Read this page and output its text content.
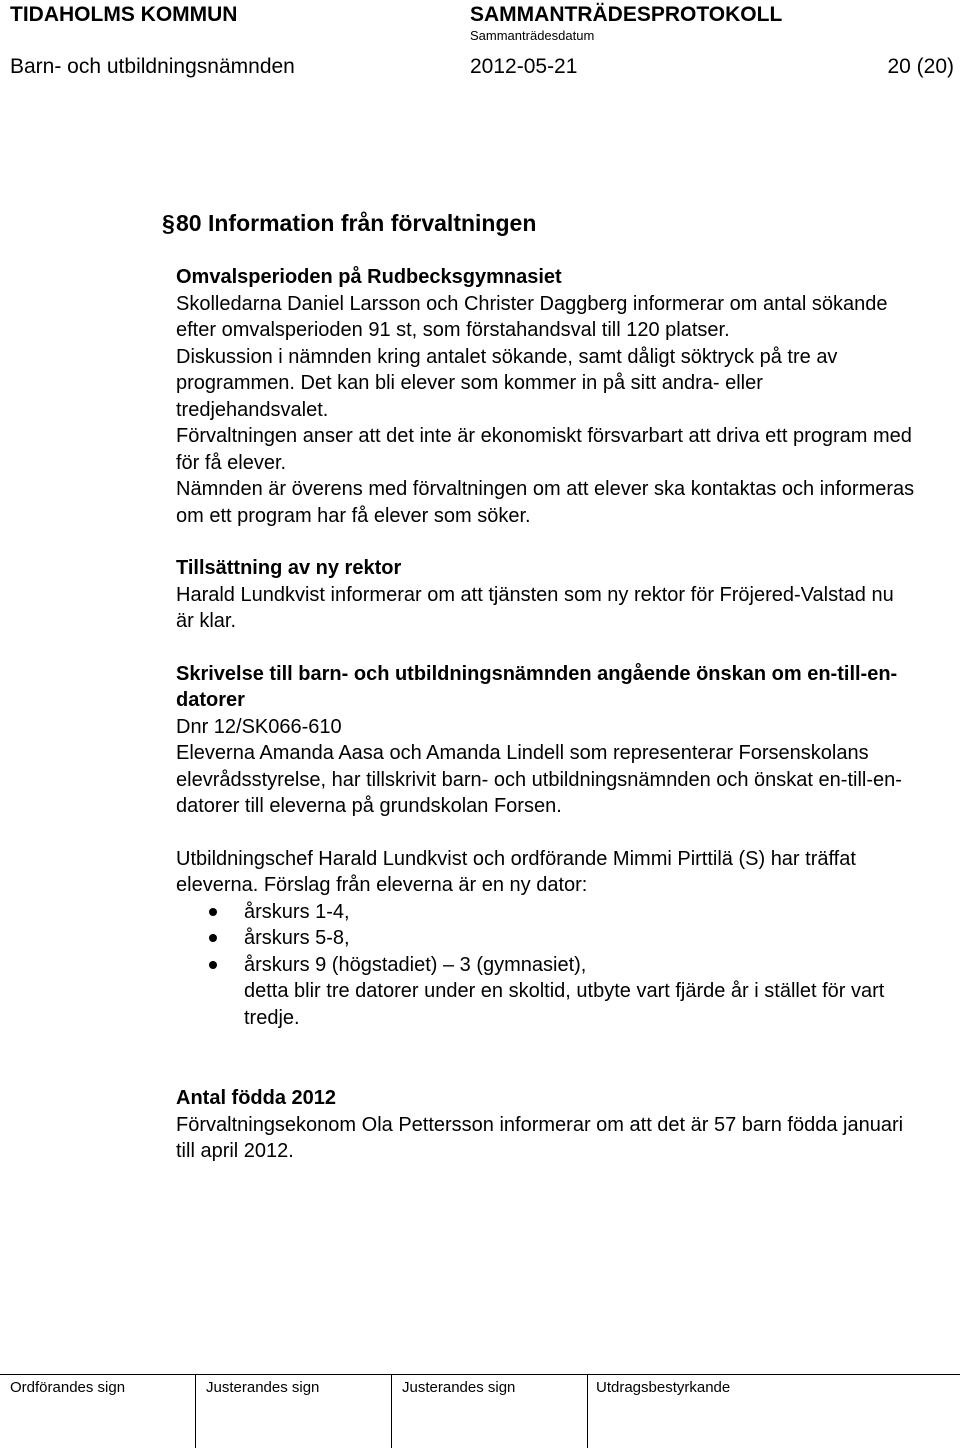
TIDAHOLMS KOMMUN	SAMMANTRÄDESPROTOKOLL
Sammanträdesdatum
Barn- och utbildningsnämnden	2012-05-21	20 (20)

§ 80 Information från förvaltningen

Omvalsperioden på Rudbecksgymnasiet

Skolledarna Daniel Larsson och Christer Daggberg informerar om antal sökande efter omvalsperioden 91 st, som förstahandsval till 120 platser.

Diskussion i nämnden kring antalet sökande, samt dåligt söktryck på tre av programmen. Det kan bli elever som kommer in på sitt andra- eller tredjehandsvalet.

Förvaltningen anser att det inte är ekonomiskt försvarbart att driva ett program med för få elever.

Nämnden är överens med förvaltningen om att elever ska kontaktas och informeras om ett program har få elever som söker.

Tillsättning av ny rektor

Harald Lundkvist informerar om att tjänsten som ny rektor för Fröjered-Valstad nu är klar.

Skrivelse till barn- och utbildningsnämnden angående önskan om en-till-en-datorer

Dnr 12/SK066-610

Eleverna Amanda Aasa och Amanda Lindell som representerar Forsenskolans elevrådsstyrelse, har tillskrivit barn- och utbildningsnämnden och önskat en-till-en-datorer till eleverna på grundskolan Forsen.

Utbildningschef Harald Lundkvist och ordförande Mimmi Pirttilä (S) har träffat eleverna. Förslag från eleverna är en ny dator:

årskurs 1-4,
årskurs 5-8,
årskurs 9 (högstadiet) – 3 (gymnasiet),
detta blir tre datorer under en skoltid, utbyte vart fjärde år i stället för vart tredje.

Antal födda 2012

Förvaltningsekonom Ola Pettersson informerar om att det är 57 barn födda januari till april 2012.

Ordförandes sign	Justerandes sign	Justerandes sign	Utdragsbestyrkande
